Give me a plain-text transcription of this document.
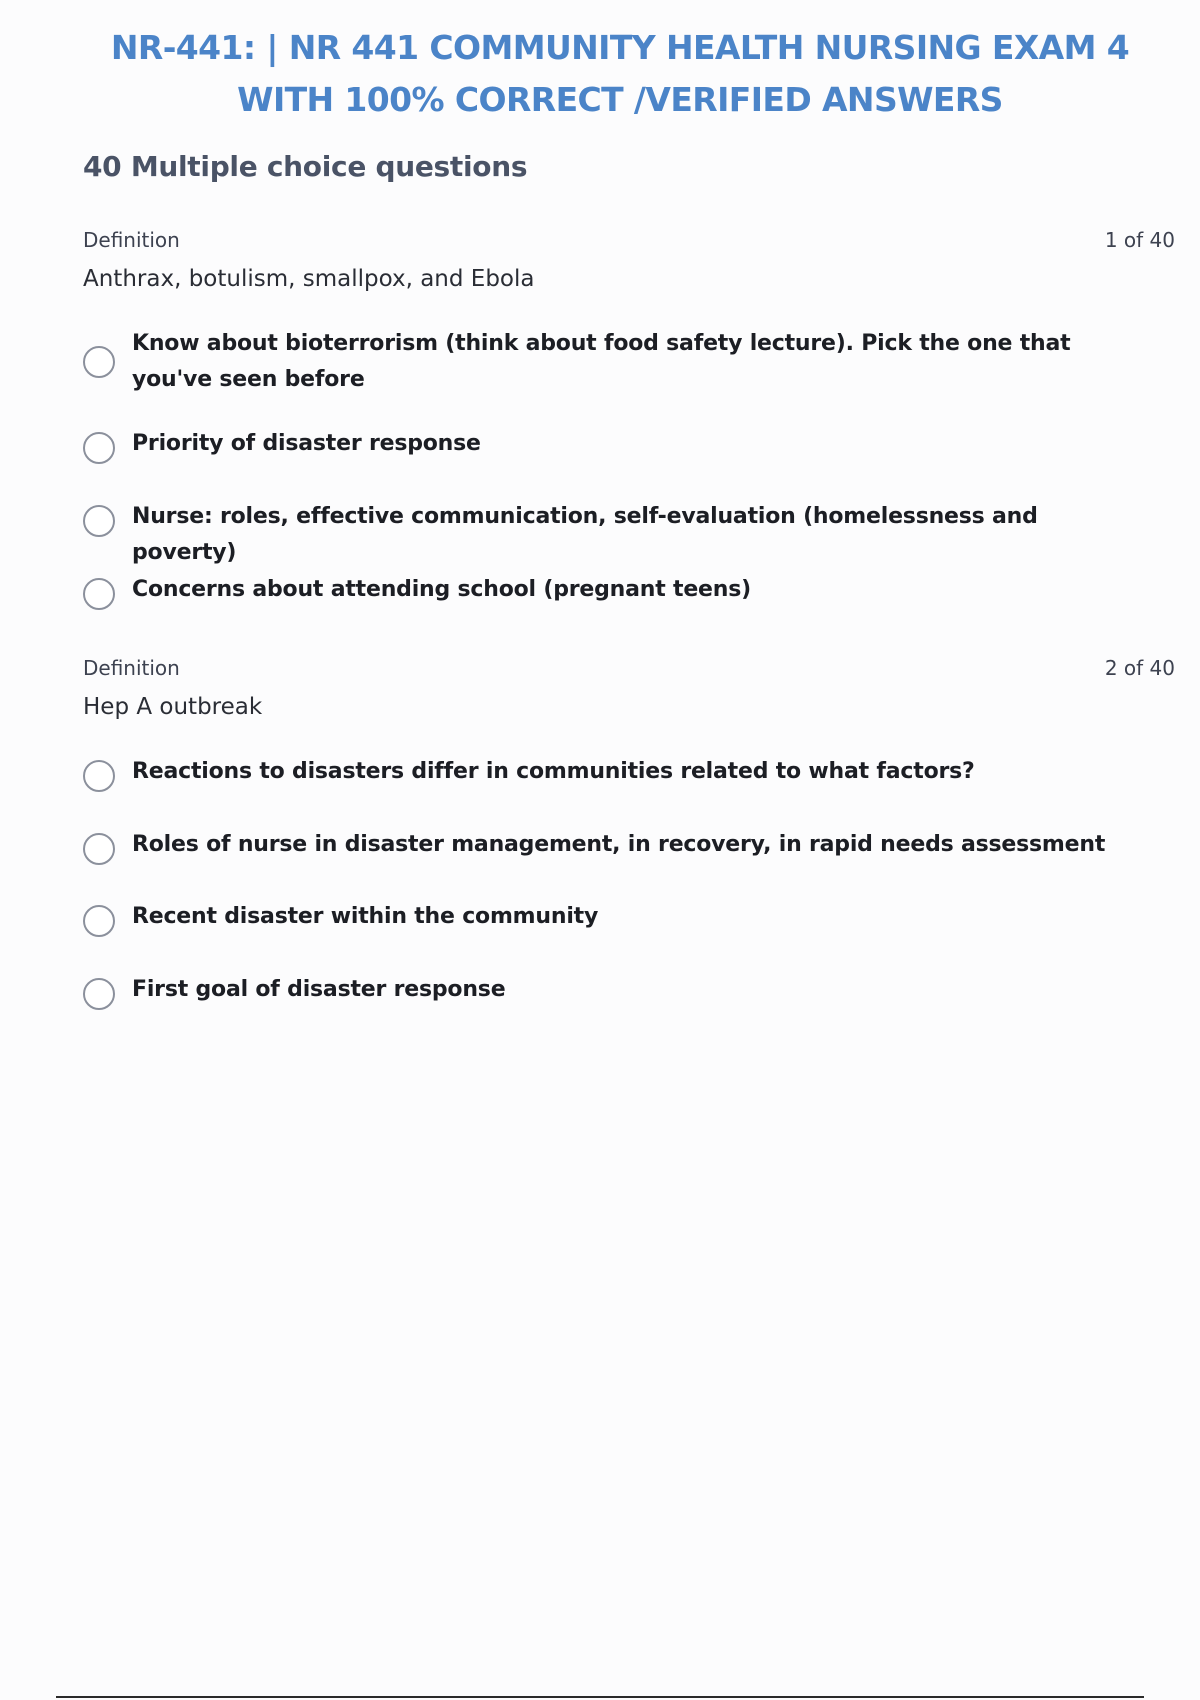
NR-441: | NR 441 COMMUNITY HEALTH NURSING EXAM 4 WITH 100% CORRECT /VERIFIED ANSWERS
40 Multiple choice questions
Definition	1 of 40
Anthrax, botulism, smallpox, and Ebola
Know about bioterrorism (think about food safety lecture). Pick the one that you've seen before
Priority of disaster response
Nurse: roles, effective communication, self-evaluation (homelessness and poverty)
Concerns about attending school (pregnant teens)
Definition	2 of 40
Hep A outbreak
Reactions to disasters differ in communities related to what factors?
Roles of nurse in disaster management, in recovery, in rapid needs assessment
Recent disaster within the community
First goal of disaster response
